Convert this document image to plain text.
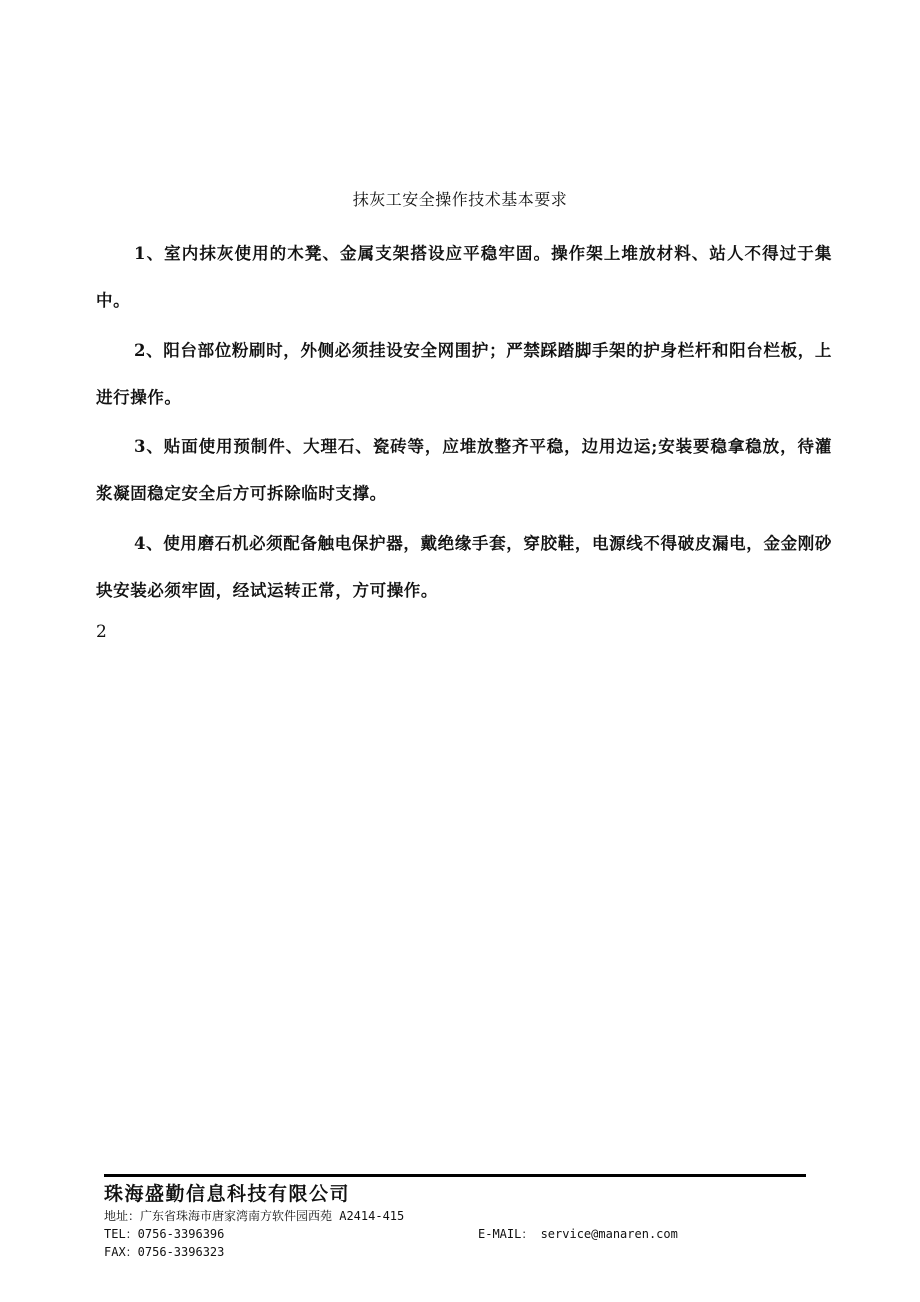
抹灰工安全操作技术基本要求

1、室内抹灰使用的木凳、金属支架搭设应平稳牢固。操作架上堆放材料、站人不得过于集中。

2、阳台部位粉刷时，外侧必须挂设安全网围护；严禁踩踏脚手架的护身栏杆和阳台栏板，上进行操作。

3、贴面使用预制件、大理石、瓷砖等，应堆放整齐平稳，边用边运;安装要稳拿稳放，待灌浆凝固稳定安全后方可拆除临时支撑。

4、使用磨石机必须配备触电保护器，戴绝缘手套，穿胶鞋，电源线不得破皮漏电，金金刚砂块安装必须牢固，经试运转正常，方可操作。

2
珠海盛勤信息科技有限公司
地址：广东省珠海市唐家湾南方软件园西苑 A2414-415
TEL：0756-3396396	E-MAIL： service@manaren.com
FAX：0756-3396323
